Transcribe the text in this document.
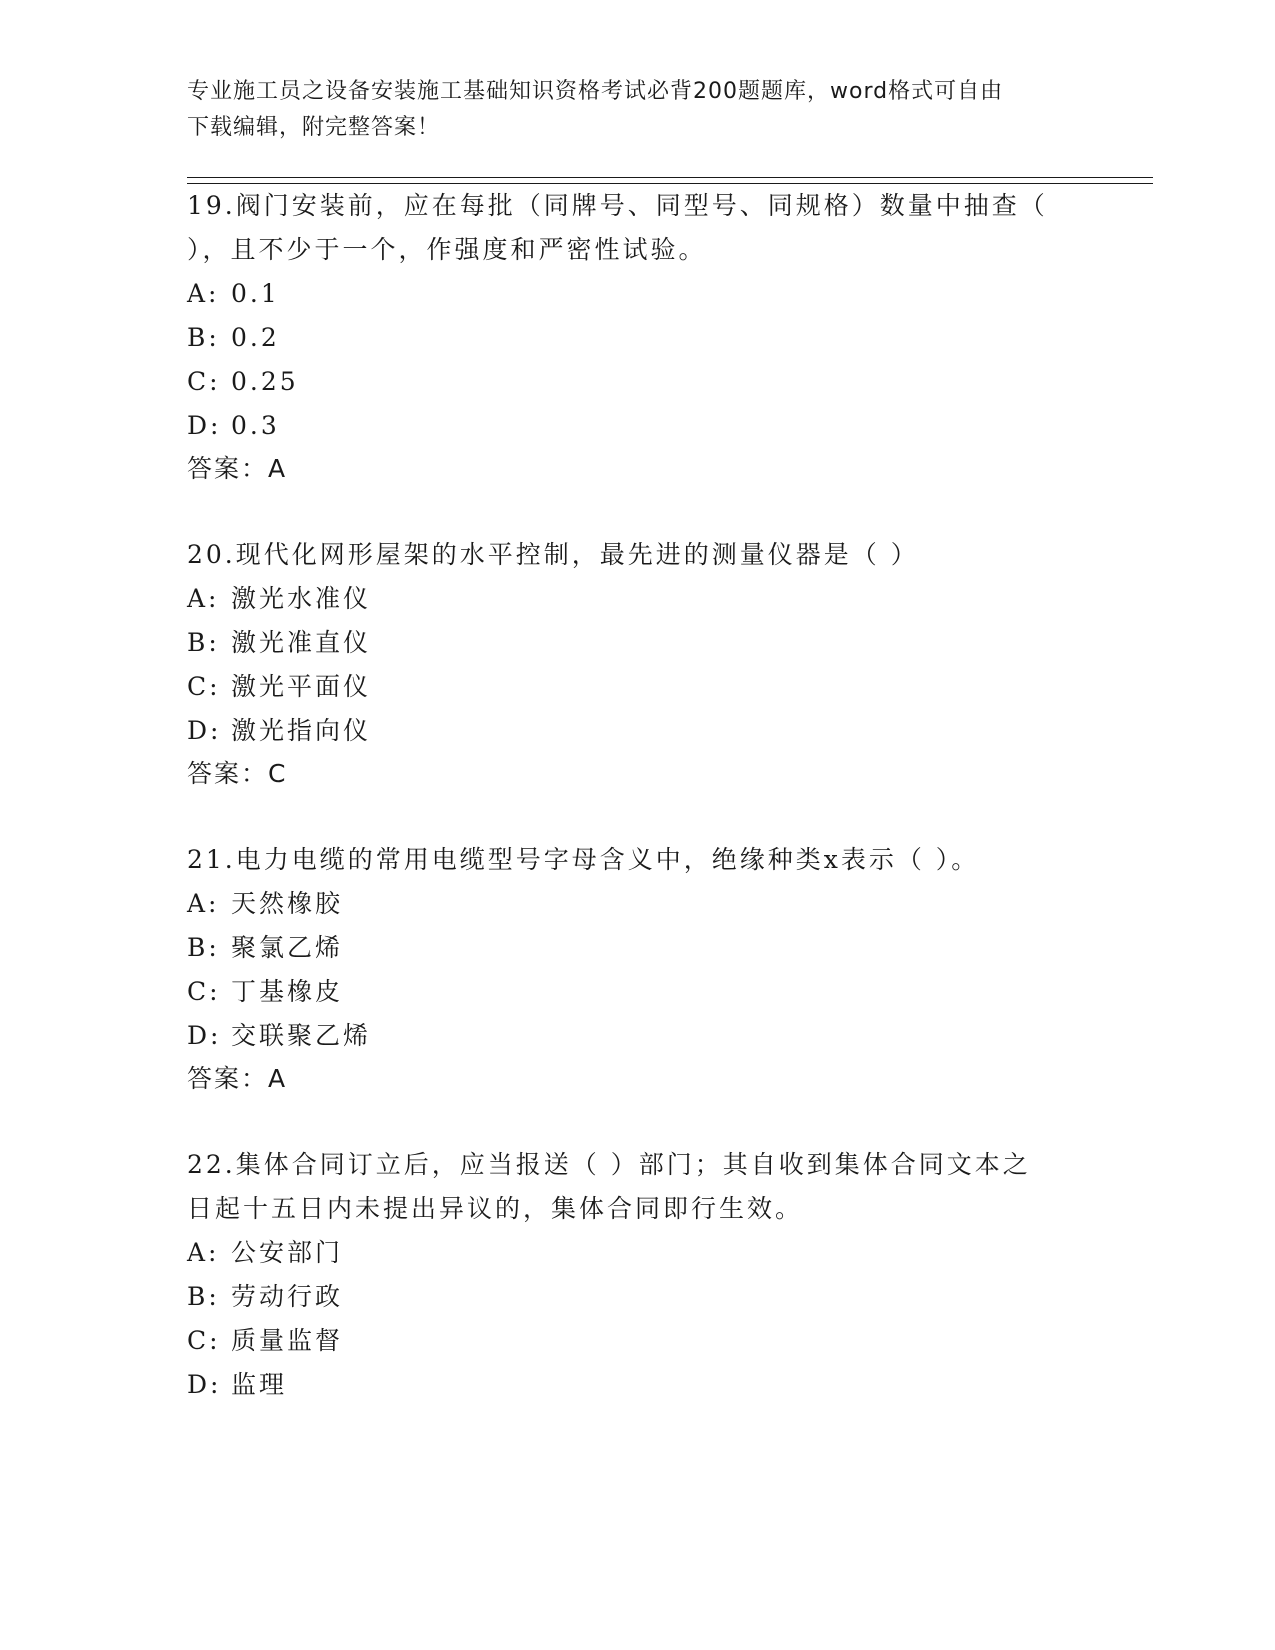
专业施工员之设备安装施工基础知识资格考试必背200题题库，word格式可自由
下载编辑，附完整答案！
19.阀门安装前，应在每批（同牌号、同型号、同规格）数量中抽查（
），且不少于一个，作强度和严密性试验。
A: 0.1
B: 0.2
C: 0.25
D: 0.3
答案：A
20.现代化网形屋架的水平控制，最先进的测量仪器是（ ）
A: 激光水准仪
B: 激光准直仪
C: 激光平面仪
D: 激光指向仪
答案：C
21.电力电缆的常用电缆型号字母含义中，绝缘种类x表示（ ）。
A: 天然橡胶
B: 聚氯乙烯
C: 丁基橡皮
D: 交联聚乙烯
答案：A
22.集体合同订立后，应当报送（ ）部门；其自收到集体合同文本之
日起十五日内未提出异议的，集体合同即行生效。
A: 公安部门
B: 劳动行政
C: 质量监督
D: 监理
